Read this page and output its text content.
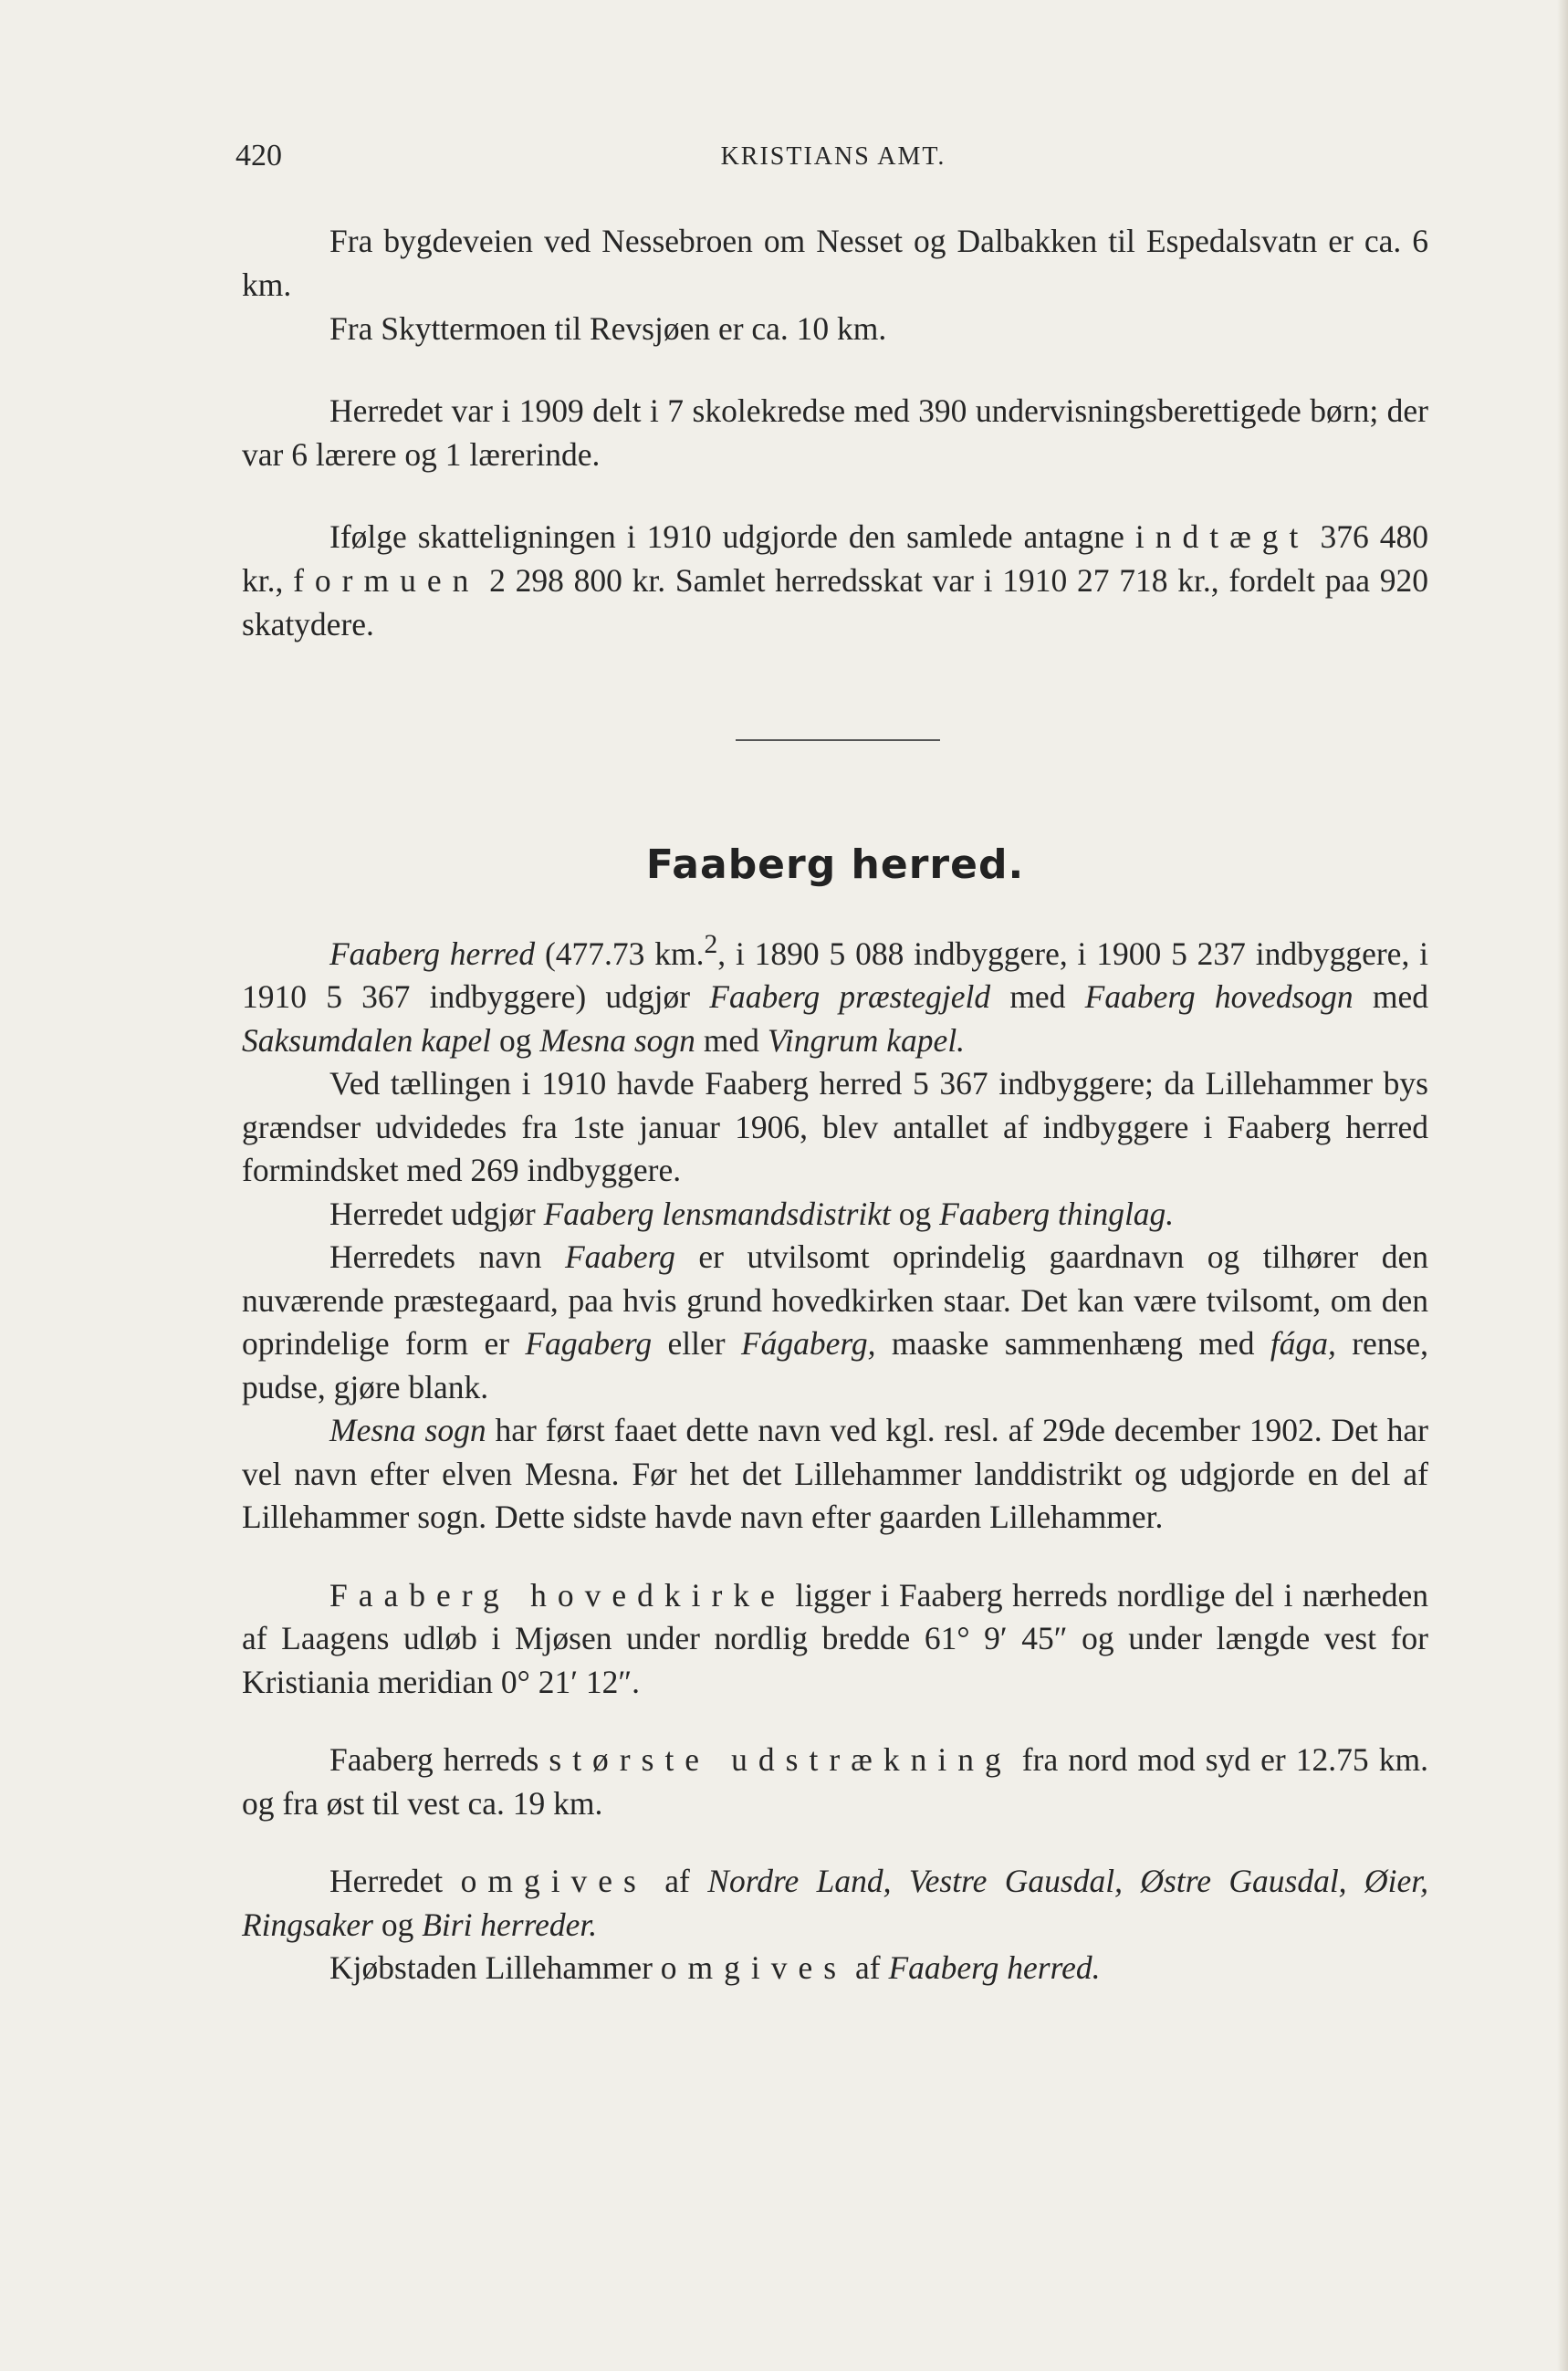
420	KRISTIANS AMT.

Fra bygdeveien ved Nessebroen om Nesset og Dalbakken til Espedalsvatn er ca. 6 km.

Fra Skyttermoen til Revsjøen er ca. 10 km.

Herredet var i 1909 delt i 7 skolekredse med 390 undervisningsberettigede børn; der var 6 lærere og 1 lærerinde.

Ifølge skatteligningen i 1910 udgjorde den samlede antagne indtægt 376 480 kr., formuen 2 298 800 kr. Samlet herredsskat var i 1910 27 718 kr., fordelt paa 920 skatydere.

Faaberg herred.

Faaberg herred (477.73 km.$^2$, i 1890 5 088 indbyggere, i 1900 5 237 indbyggere, i 1910 5 367 indbyggere) udgjør Faaberg præstegjeld med Faaberg hovedsogn med Saksumdalen kapel og Mesna sogn med Vingrum kapel.

Ved tællingen i 1910 havde Faaberg herred 5 367 indbyggere; da Lillehammer bys grændser udvidedes fra 1ste januar 1906, blev antallet af indbyggere i Faaberg herred formindsket med 269 indbyggere.

Herredet udgjør Faaberg lensmandsdistrikt og Faaberg thinglag.

Herredets navn Faaberg er utvilsomt oprindelig gaardnavn og tilhører den nuværende præstegaard, paa hvis grund hovedkirken staar. Det kan være tvilsomt, om den oprindelige form er Fagaberg eller Fágaberg, maaske sammenhæng med fága, rense, pudse, gjøre blank.

Mesna sogn har først faaet dette navn ved kgl. resl. af 29de december 1902. Det har vel navn efter elven Mesna. Før het det Lillehammer landdistrikt og udgjorde en del af Lillehammer sogn. Dette sidste havde navn efter gaarden Lillehammer.

Faaberg hovedkirke ligger i Faaberg herreds nordlige del i nærheden af Laagens udløb i Mjøsen under nordlig bredde 61° 9′ 45″ og under længde vest for Kristiania meridian 0° 21′ 12″.

Faaberg herreds største udstrækning fra nord mod syd er 12.75 km. og fra øst til vest ca. 19 km.

Herredet omgives af Nordre Land, Vestre Gausdal, Østre Gausdal, Øier, Ringsaker og Biri herreder.

Kjøbstaden Lillehammer omgives af Faaberg herred.
